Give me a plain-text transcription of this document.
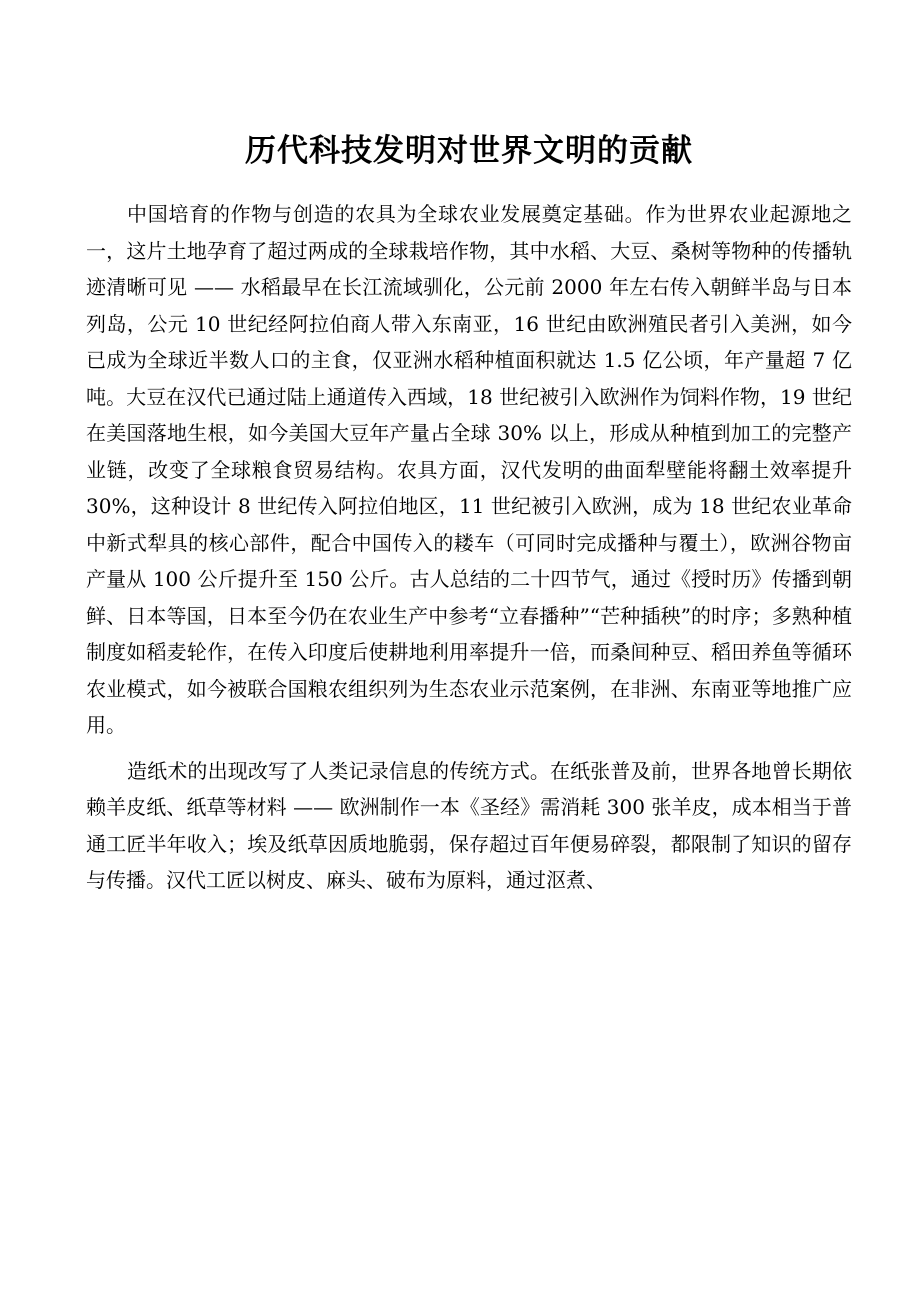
历代科技发明对世界文明的贡献

中国培育的作物与创造的农具为全球农业发展奠定基础。作为世界农业起源地之一，这片土地孕育了超过两成的全球栽培作物，其中水稻、大豆、桑树等物种的传播轨迹清晰可见 —— 水稻最早在长江流域驯化，公元前 2000 年左右传入朝鲜半岛与日本列岛，公元 10 世纪经阿拉伯商人带入东南亚，16 世纪由欧洲殖民者引入美洲，如今已成为全球近半数人口的主食，仅亚洲水稻种植面积就达 1.5 亿公顷，年产量超 7 亿吨。大豆在汉代已通过陆上通道传入西域，18 世纪被引入欧洲作为饲料作物，19 世纪在美国落地生根，如今美国大豆年产量占全球 30% 以上，形成从种植到加工的完整产业链，改变了全球粮食贸易结构。农具方面，汉代发明的曲面犁壁能将翻土效率提升 30%，这种设计 8 世纪传入阿拉伯地区，11 世纪被引入欧洲，成为 18 世纪农业革命中新式犁具的核心部件，配合中国传入的耧车（可同时完成播种与覆土），欧洲谷物亩产量从 100 公斤提升至 150 公斤。古人总结的二十四节气，通过《授时历》传播到朝鲜、日本等国，日本至今仍在农业生产中参考“立春播种”“芒种插秧”的时序；多熟种植制度如稻麦轮作，在传入印度后使耕地利用率提升一倍，而桑间种豆、稻田养鱼等循环农业模式，如今被联合国粮农组织列为生态农业示范案例，在非洲、东南亚等地推广应用。

造纸术的出现改写了人类记录信息的传统方式。在纸张普及前，世界各地曾长期依赖羊皮纸、纸草等材料 —— 欧洲制作一本《圣经》需消耗 300 张羊皮，成本相当于普通工匠半年收入；埃及纸草因质地脆弱，保存超过百年便易碎裂，都限制了知识的留存与传播。汉代工匠以树皮、麻头、破布为原料，通过沤煮、
